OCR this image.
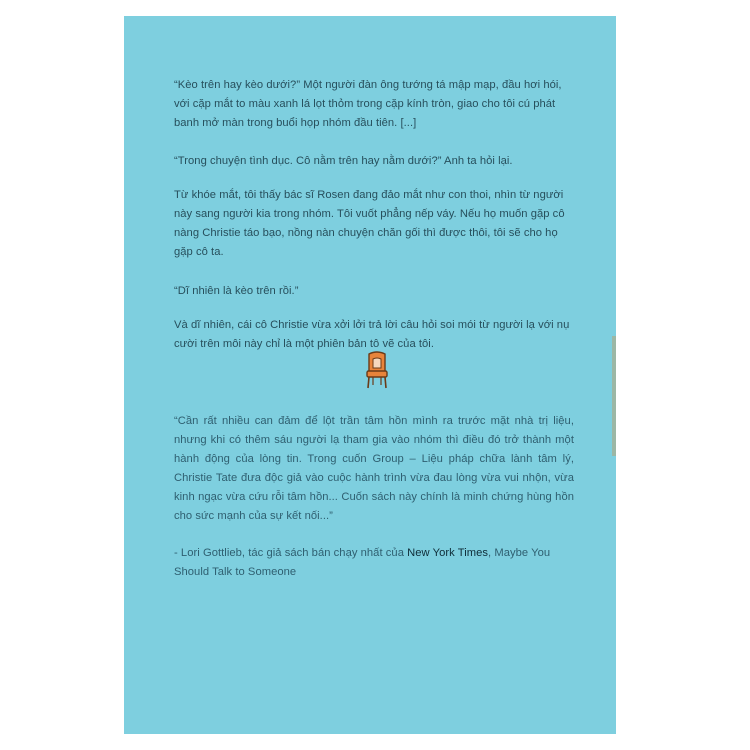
“Kèo trên hay kèo dưới?” Một người đàn ông tướng tá mập mạp, đầu hơi hói, với cặp mắt to màu xanh lá lọt thỏm trong cặp kính tròn, giao cho tôi cú phát banh mở màn trong buổi họp nhóm đầu tiên. [...]

“Trong chuyện tình dục. Cô nằm trên hay nằm dưới?” Anh ta hỏi lại.

Từ khóe mắt, tôi thấy bác sĩ Rosen đang đảo mắt như con thoi, nhìn từ người này sang người kia trong nhóm. Tôi vuốt phẳng nếp váy. Nếu họ muốn gặp cô nàng Christie táo bạo, nồng nàn chuyện chăn gối thì được thôi, tôi sẽ cho họ gặp cô ta.

“Dĩ nhiên là kèo trên rồi.”

Và dĩ nhiên, cái cô Christie vừa xởi lởi trả lời câu hỏi soi mói từ người lạ với nụ cười trên môi này chỉ là một phiên bản tô vẽ của tôi.

“Cần rất nhiều can đảm để lột trần tâm hồn mình ra trước mặt nhà trị liệu, nhưng khi có thêm sáu người lạ tham gia vào nhóm thì điều đó trở thành một hành động của lòng tin. Trong cuốn Group – Liệu pháp chữa lành tâm lý, Christie Tate đưa độc giả vào cuộc hành trình vừa đau lòng vừa vui nhộn, vừa kinh ngạc vừa cứu rỗi tâm hồn... Cuốn sách này chính là minh chứng hùng hồn cho sức mạnh của sự kết nối...”

- Lori Gottlieb, tác giả sách bán chạy nhất của New York Times, Maybe You Should Talk to Someone
